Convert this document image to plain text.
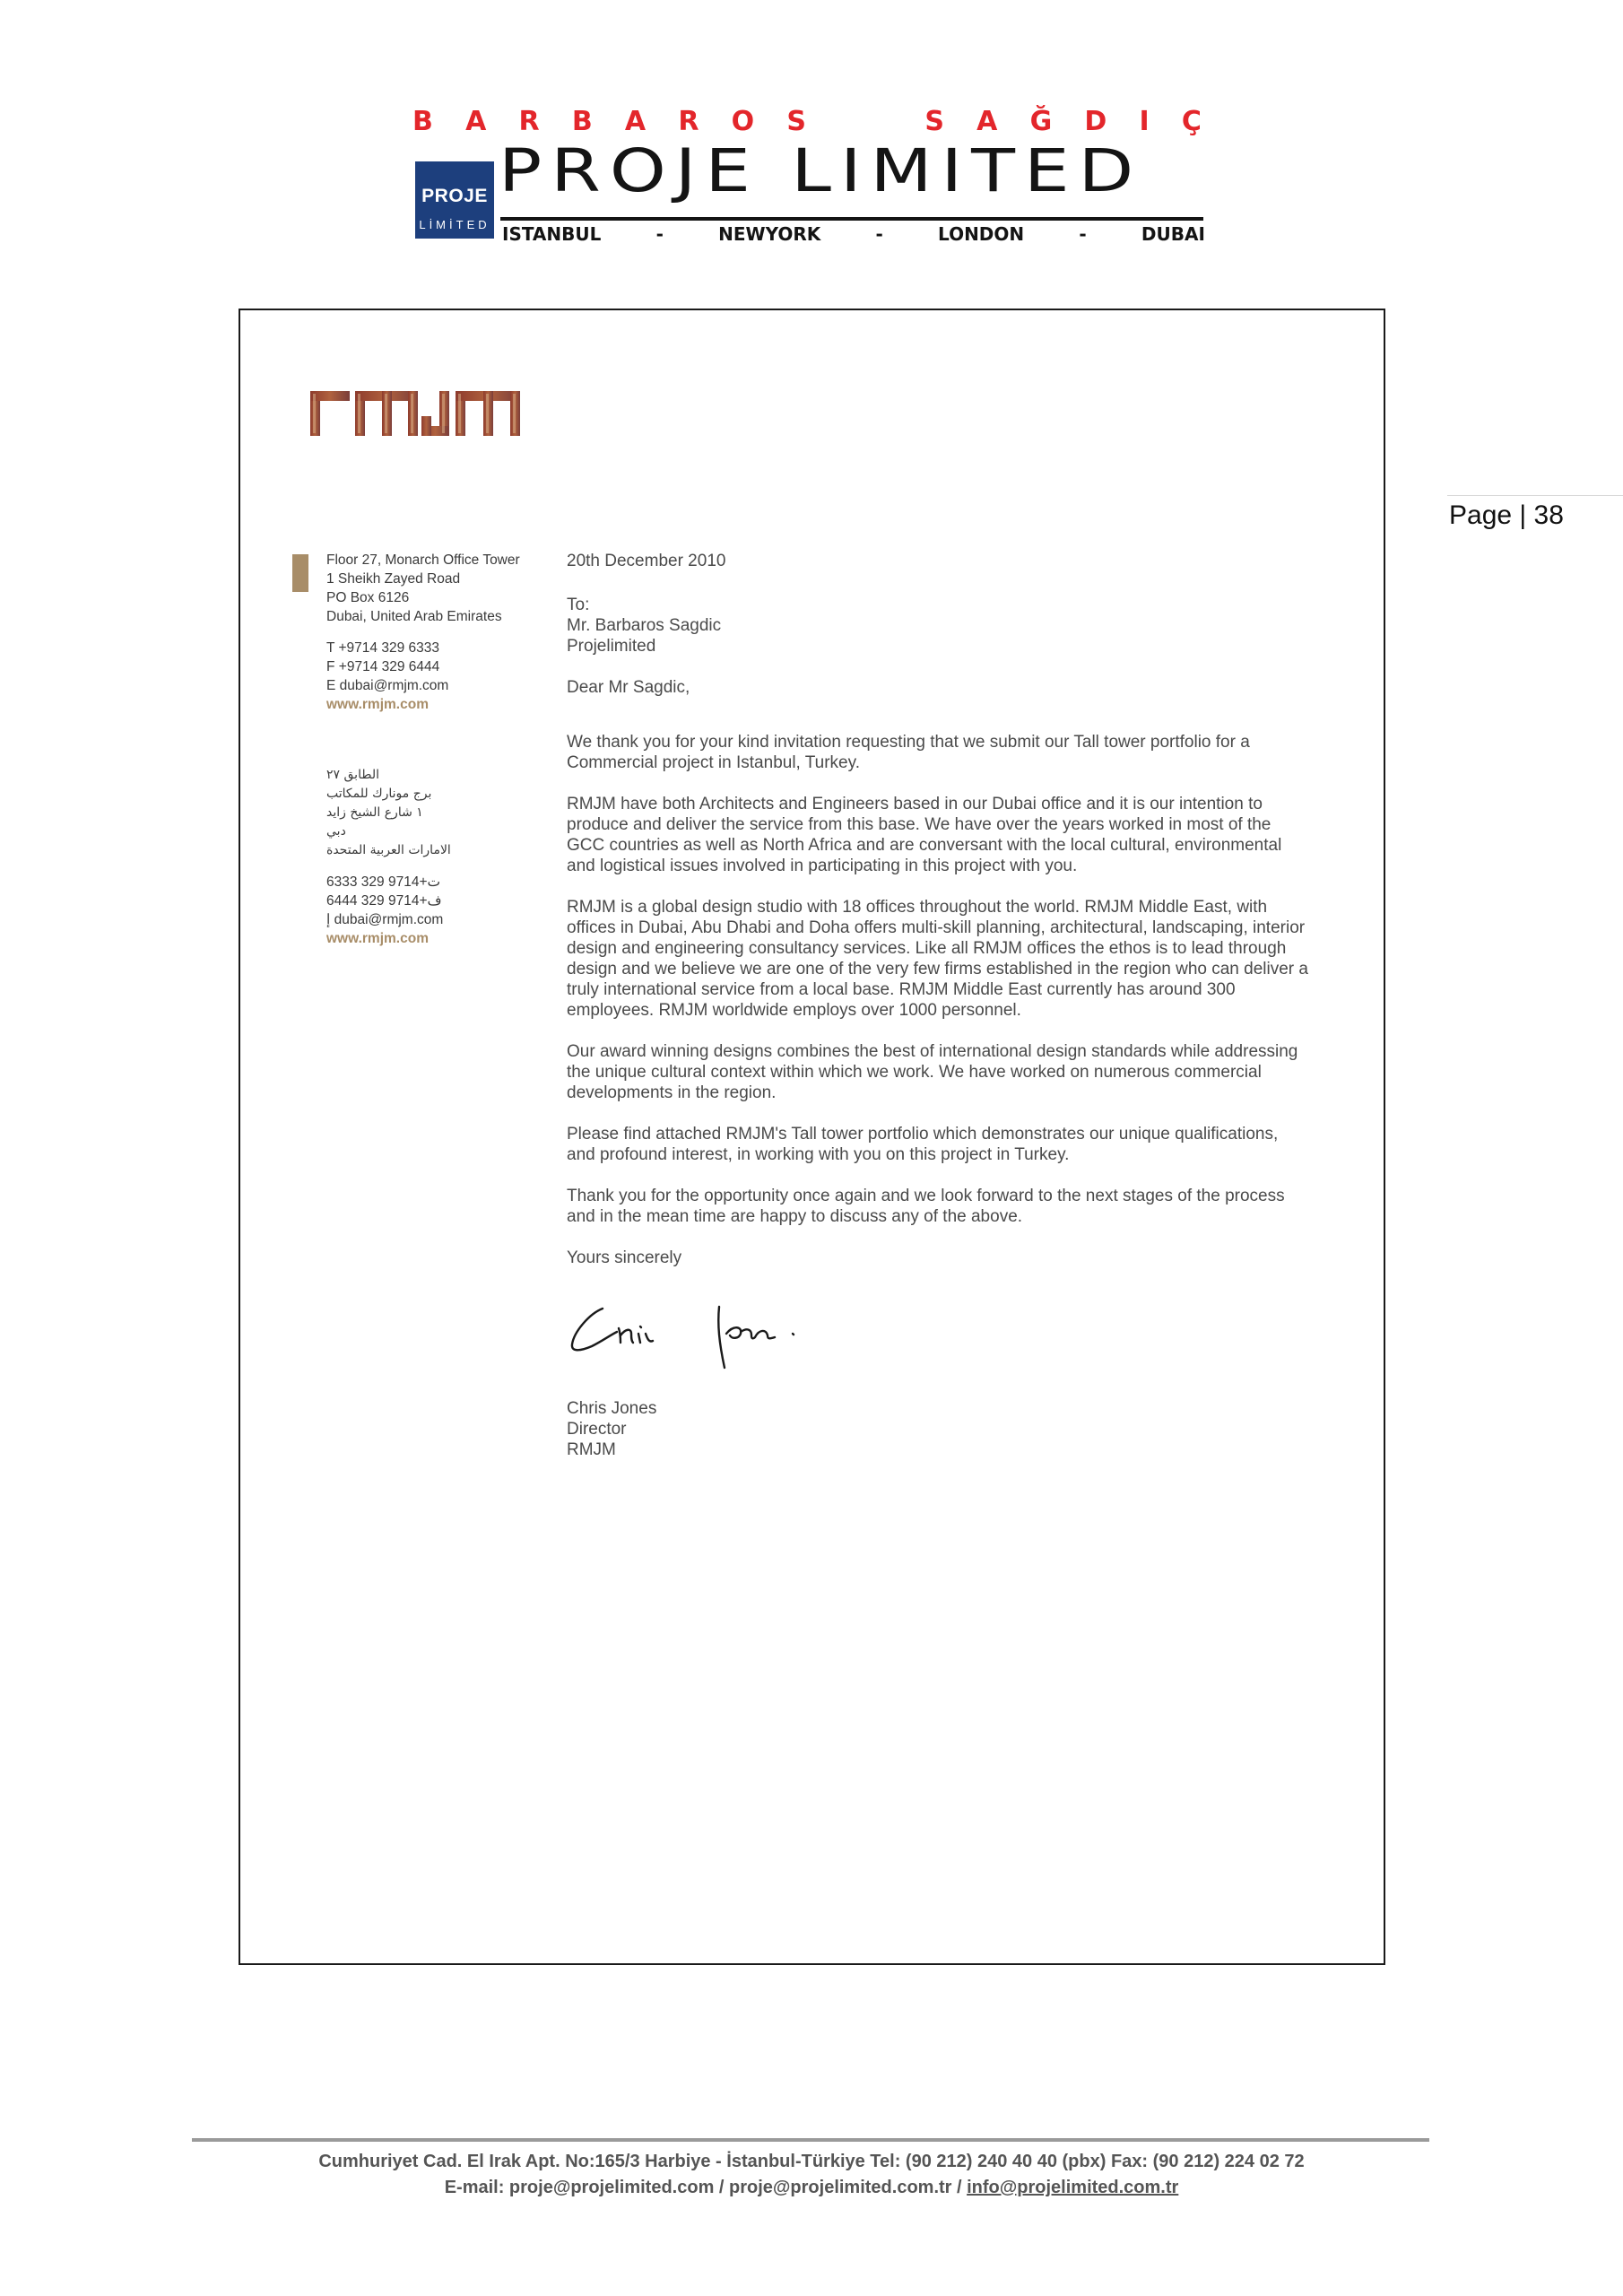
B A R B A R O S	S A Ğ D I Ç
PROJE
LİMİTED
PROJE LIMITED
ISTANBUL	-	NEWYORK	-	LONDON	-	DUBAI
Page | 38
Floor 27, Monarch Office Tower
1 Sheikh Zayed Road
PO Box 6126
Dubai, United Arab Emirates
T +9714 329 6333
F +9714 329 6444
E dubai@rmjm.com
www.rmjm.com
الطابق ٢٧
برج مونارك للمكاتب
١ شارع الشيخ زايد
دبي
الامارات العربية المتحدة
ت+9714 329 6333
ف+9714 329 6444
إ dubai@rmjm.com
www.rmjm.com
20th December 2010
To:
Mr. Barbaros Sagdic
Projelimited
Dear Mr Sagdic,

We thank you for your kind invitation requesting that we submit our Tall tower portfolio for a Commercial project in Istanbul, Turkey.

RMJM have both Architects and Engineers based in our Dubai office and it is our intention to produce and deliver the service from this base. We have over the years worked in most of the GCC countries as well as North Africa and are conversant with the local cultural, environmental and logistical issues involved in participating in this project with you.

RMJM is a global design studio with 18 offices throughout the world. RMJM Middle East, with offices in Dubai, Abu Dhabi and Doha offers multi-skill planning, architectural, landscaping, interior design and engineering consultancy services. Like all RMJM offices the ethos is to lead through design and we believe we are one of the very few firms established in the region who can deliver a truly international service from a local base. RMJM Middle East currently has around 300 employees. RMJM worldwide employs over 1000 personnel.

Our award winning designs combines the best of international design standards while addressing the unique cultural context within which we work. We have worked on numerous commercial developments in the region.

Please find attached RMJM's Tall tower portfolio which demonstrates our unique qualifications, and profound interest, in working with you on this project in Turkey.

Thank you for the opportunity once again and we look forward to the next stages of the process and in the mean time are happy to discuss any of the above.

Yours sincerely

Chris Jones
Director
RMJM
Cumhuriyet Cad. El Irak Apt. No:165/3 Harbiye - İstanbul-Türkiye Tel: (90 212) 240 40 40 (pbx) Fax: (90 212) 224 02 72
E-mail: proje@projelimited.com / proje@projelimited.com.tr / info@projelimited.com.tr
